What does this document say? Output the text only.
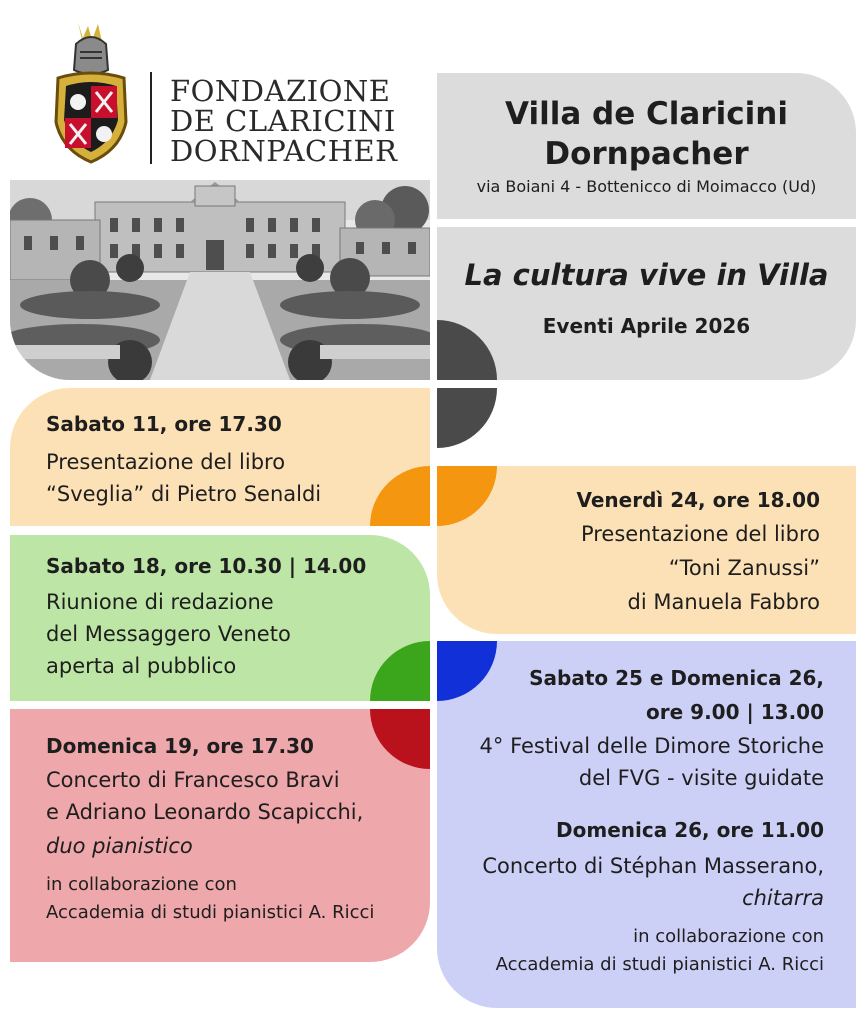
FONDAZIONE
DE CLARICINI
DORNPACHER
Villa de Claricini
Dornpacher
via Boiani 4 - Bottenicco di Moimacco (Ud)
La cultura vive in Villa
Eventi Aprile 2026
Sabato 11, ore 17.30
Presentazione del libro
“Sveglia” di Pietro Senaldi
Sabato 18, ore 10.30 | 14.00
Riunione di redazione
del Messaggero Veneto
aperta al pubblico
Domenica 19, ore 17.30
Concerto di Francesco Bravi
e Adriano Leonardo Scapicchi,
duo pianistico
in collaborazione con
Accademia di studi pianistici A. Ricci
Venerdì 24, ore 18.00
Presentazione del libro
“Toni Zanussi”
di Manuela Fabbro
Sabato 25 e Domenica 26,
ore 9.00 | 13.00
4° Festival delle Dimore Storiche
del FVG - visite guidate
Domenica 26, ore 11.00
Concerto di Stéphan Masserano,
chitarra
in collaborazione con
Accademia di studi pianistici A. Ricci
